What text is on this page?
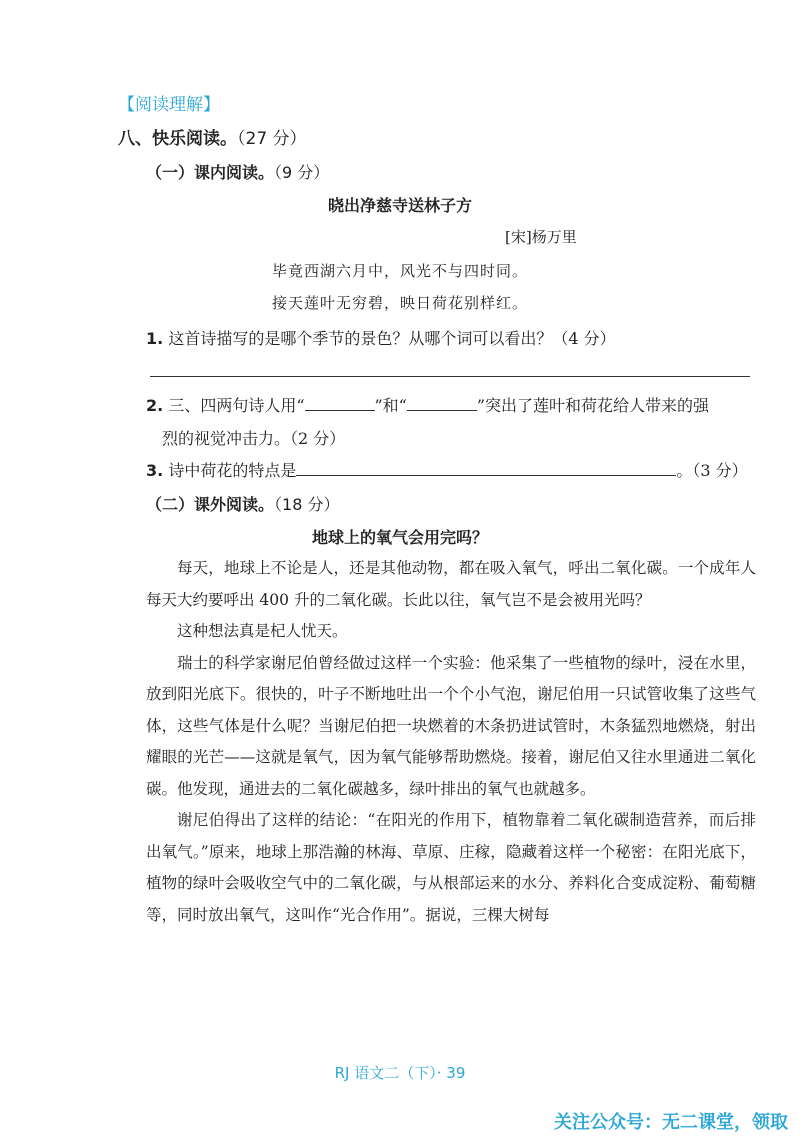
【阅读理解】
八、快乐阅读。（27 分）
（一）课内阅读。（9 分）
晓出净慈寺送林子方
[宋]杨万里
毕竟西湖六月中，风光不与四时同。
接天莲叶无穷碧，映日荷花别样红。
1. 这首诗描写的是哪个季节的景色？从哪个词可以看出？（4 分）
2. 三、四两句诗人用“	”和“	”突出了莲叶和荷花给人带来的强
烈的视觉冲击力。（2 分）
3. 诗中荷花的特点是	。（3 分）
（二）课外阅读。（18 分）
地球上的氧气会用完吗？

每天，地球上不论是人，还是其他动物，都在吸入氧气，呼出二氧化碳。一个成年人每天大约要呼出 400 升的二氧化碳。长此以往，氧气岂不是会被用光吗？

这种想法真是杞人忧天。

瑞士的科学家谢尼伯曾经做过这样一个实验：他采集了一些植物的绿叶，浸在水里，放到阳光底下。很快的，叶子不断地吐出一个个小气泡，谢尼伯用一只试管收集了这些气体，这些气体是什么呢？当谢尼伯把一块燃着的木条扔进试管时，木条猛烈地燃烧，射出耀眼的光芒——这就是氧气，因为氧气能够帮助燃烧。接着，谢尼伯又往水里通进二氧化碳。他发现，通进去的二氧化碳越多，绿叶排出的氧气也就越多。

谢尼伯得出了这样的结论：“在阳光的作用下，植物靠着二氧化碳制造营养，而后排出氧气。”原来，地球上那浩瀚的林海、草原、庄稼，隐藏着这样一个秘密：在阳光底下，植物的绿叶会吸收空气中的二氧化碳，与从根部运来的水分、养料化合变成淀粉、葡萄糖等，同时放出氧气，这叫作“光合作用”。据说，三棵大树每

RJ 语文二（下）· 39
关注公众号：无二课堂，领取
